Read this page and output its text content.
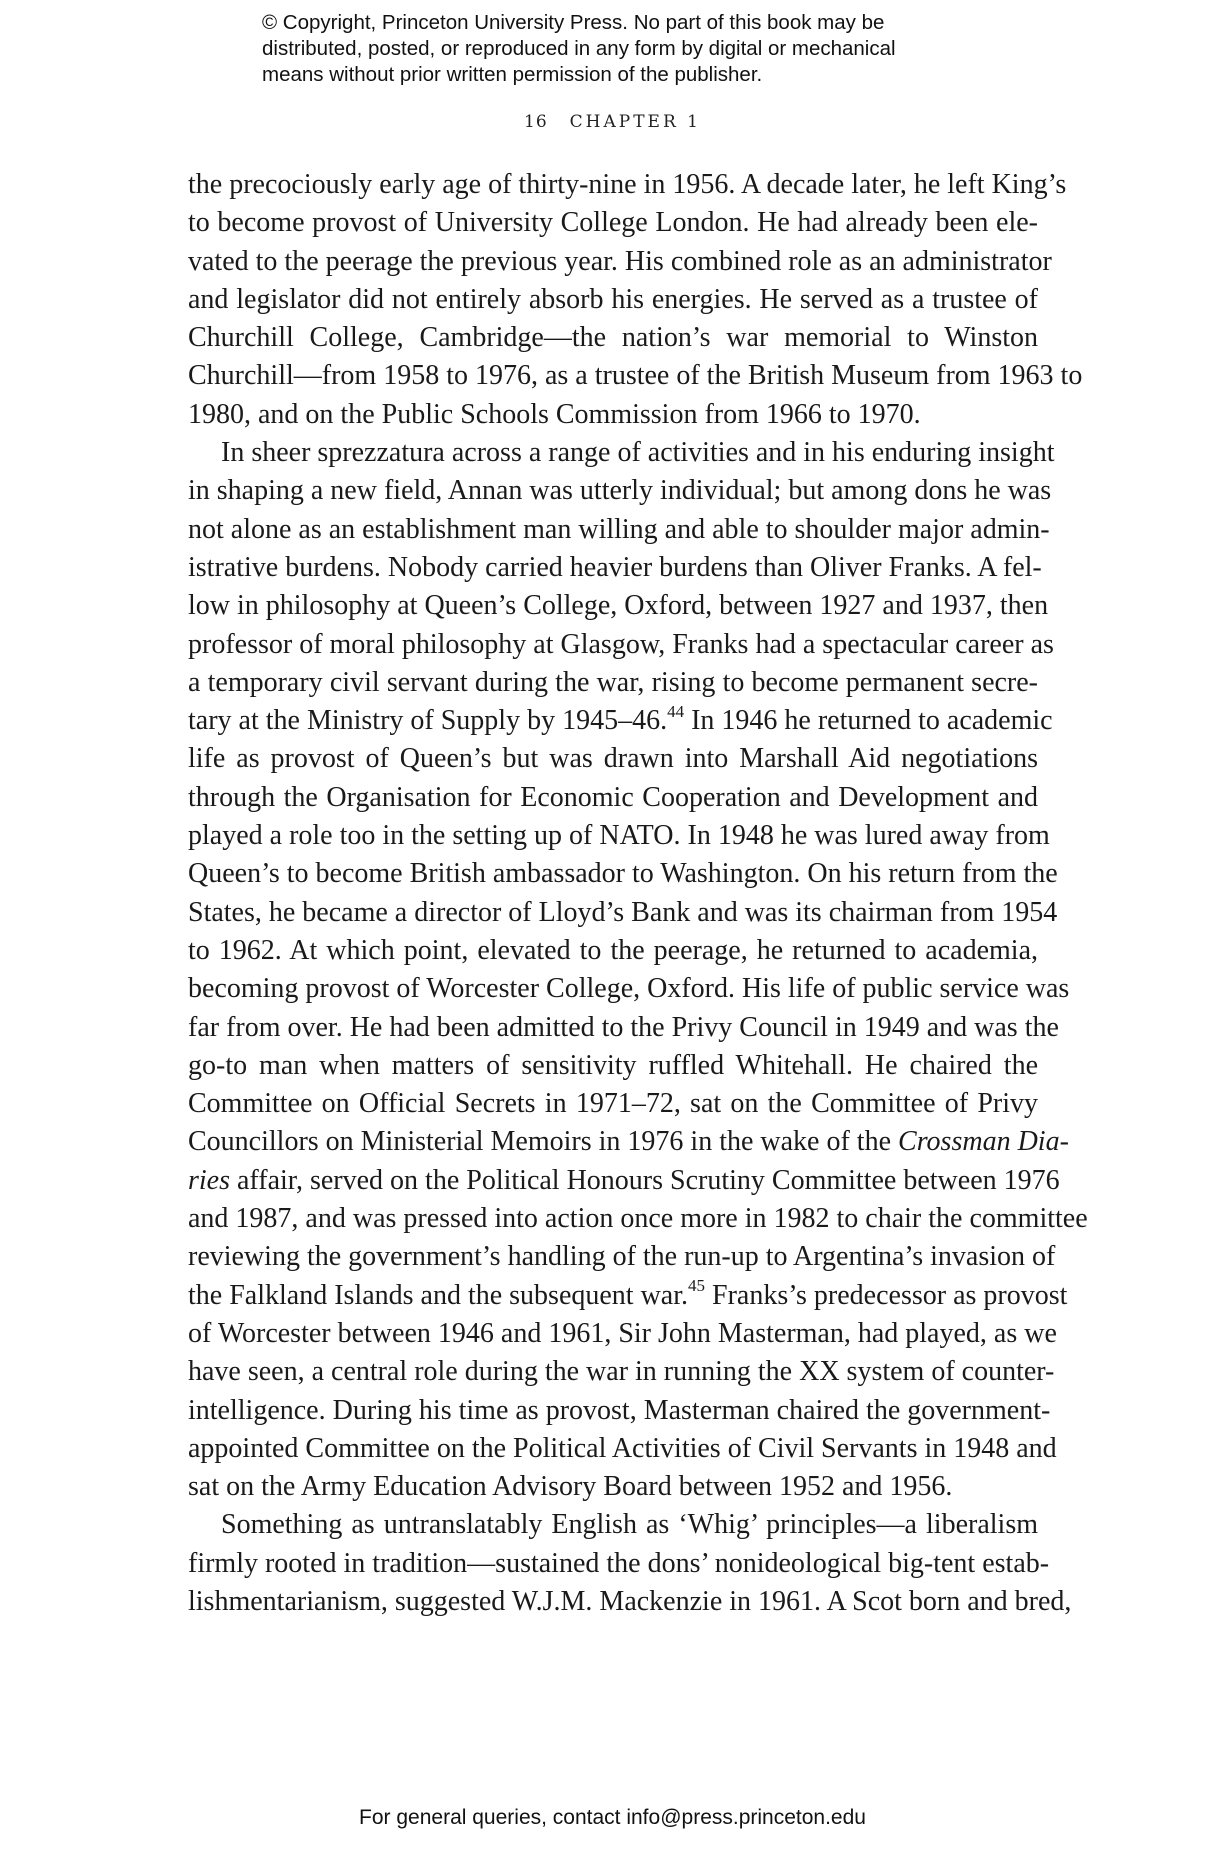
© Copyright, Princeton University Press. No part of this book may be
distributed, posted, or reproduced in any form by digital or mechanical
means without prior written permission of the publisher.
16 CHAPTER 1
the precociously early age of thirty-nine in 1956. A decade later, he left King’s
to become provost of University College London. He had already been ele-
vated to the peerage the previous year. His combined role as an administrator
and legislator did not entirely absorb his energies. He served as a trustee of
Churchill College, Cambridge—the nation’s war memorial to Winston
Churchill—from 1958 to 1976, as a trustee of the British Museum from 1963 to
1980, and on the Public Schools Commission from 1966 to 1970.
In sheer sprezzatura across a range of activities and in his enduring insight
in shaping a new field, Annan was utterly individual; but among dons he was
not alone as an establishment man willing and able to shoulder major admin-
istrative burdens. Nobody carried heavier burdens than Oliver Franks. A fel-
low in philosophy at Queen’s College, Oxford, between 1927 and 1937, then
professor of moral philosophy at Glasgow, Franks had a spectacular career as
a temporary civil servant during the war, rising to become permanent secre-
tary at the Ministry of Supply by 1945–46.44 In 1946 he returned to academic
life as provost of Queen’s but was drawn into Marshall Aid negotiations
through the Organisation for Economic Cooperation and Development and
played a role too in the setting up of NATO. In 1948 he was lured away from
Queen’s to become British ambassador to Washington. On his return from the
States, he became a director of Lloyd’s Bank and was its chairman from 1954
to 1962. At which point, elevated to the peerage, he returned to academia,
becoming provost of Worcester College, Oxford. His life of public service was
far from over. He had been admitted to the Privy Council in 1949 and was the
go-to man when matters of sensitivity ruffled Whitehall. He chaired the
Committee on Official Secrets in 1971–72, sat on the Committee of Privy
Councillors on Ministerial Memoirs in 1976 in the wake of the Crossman Dia-
ries affair, served on the Political Honours Scrutiny Committee between 1976
and 1987, and was pressed into action once more in 1982 to chair the committee
reviewing the government’s handling of the run-up to Argentina’s invasion of
the Falkland Islands and the subsequent war.$^{45}$ Franks’s predecessor as provost
of Worcester between 1946 and 1961, Sir John Masterman, had played, as we
have seen, a central role during the war in running the XX system of counter-
intelligence. During his time as provost, Masterman chaired the government-
appointed Committee on the Political Activities of Civil Servants in 1948 and
sat on the Army Education Advisory Board between 1952 and 1956.
Something as untranslatably English as ‘Whig’ principles—a liberalism
firmly rooted in tradition—sustained the dons’ nonideological big-tent estab-
lishmentarianism, suggested W.J.M. Mackenzie in 1961. A Scot born and bred,
For general queries, contact info@press.princeton.edu
